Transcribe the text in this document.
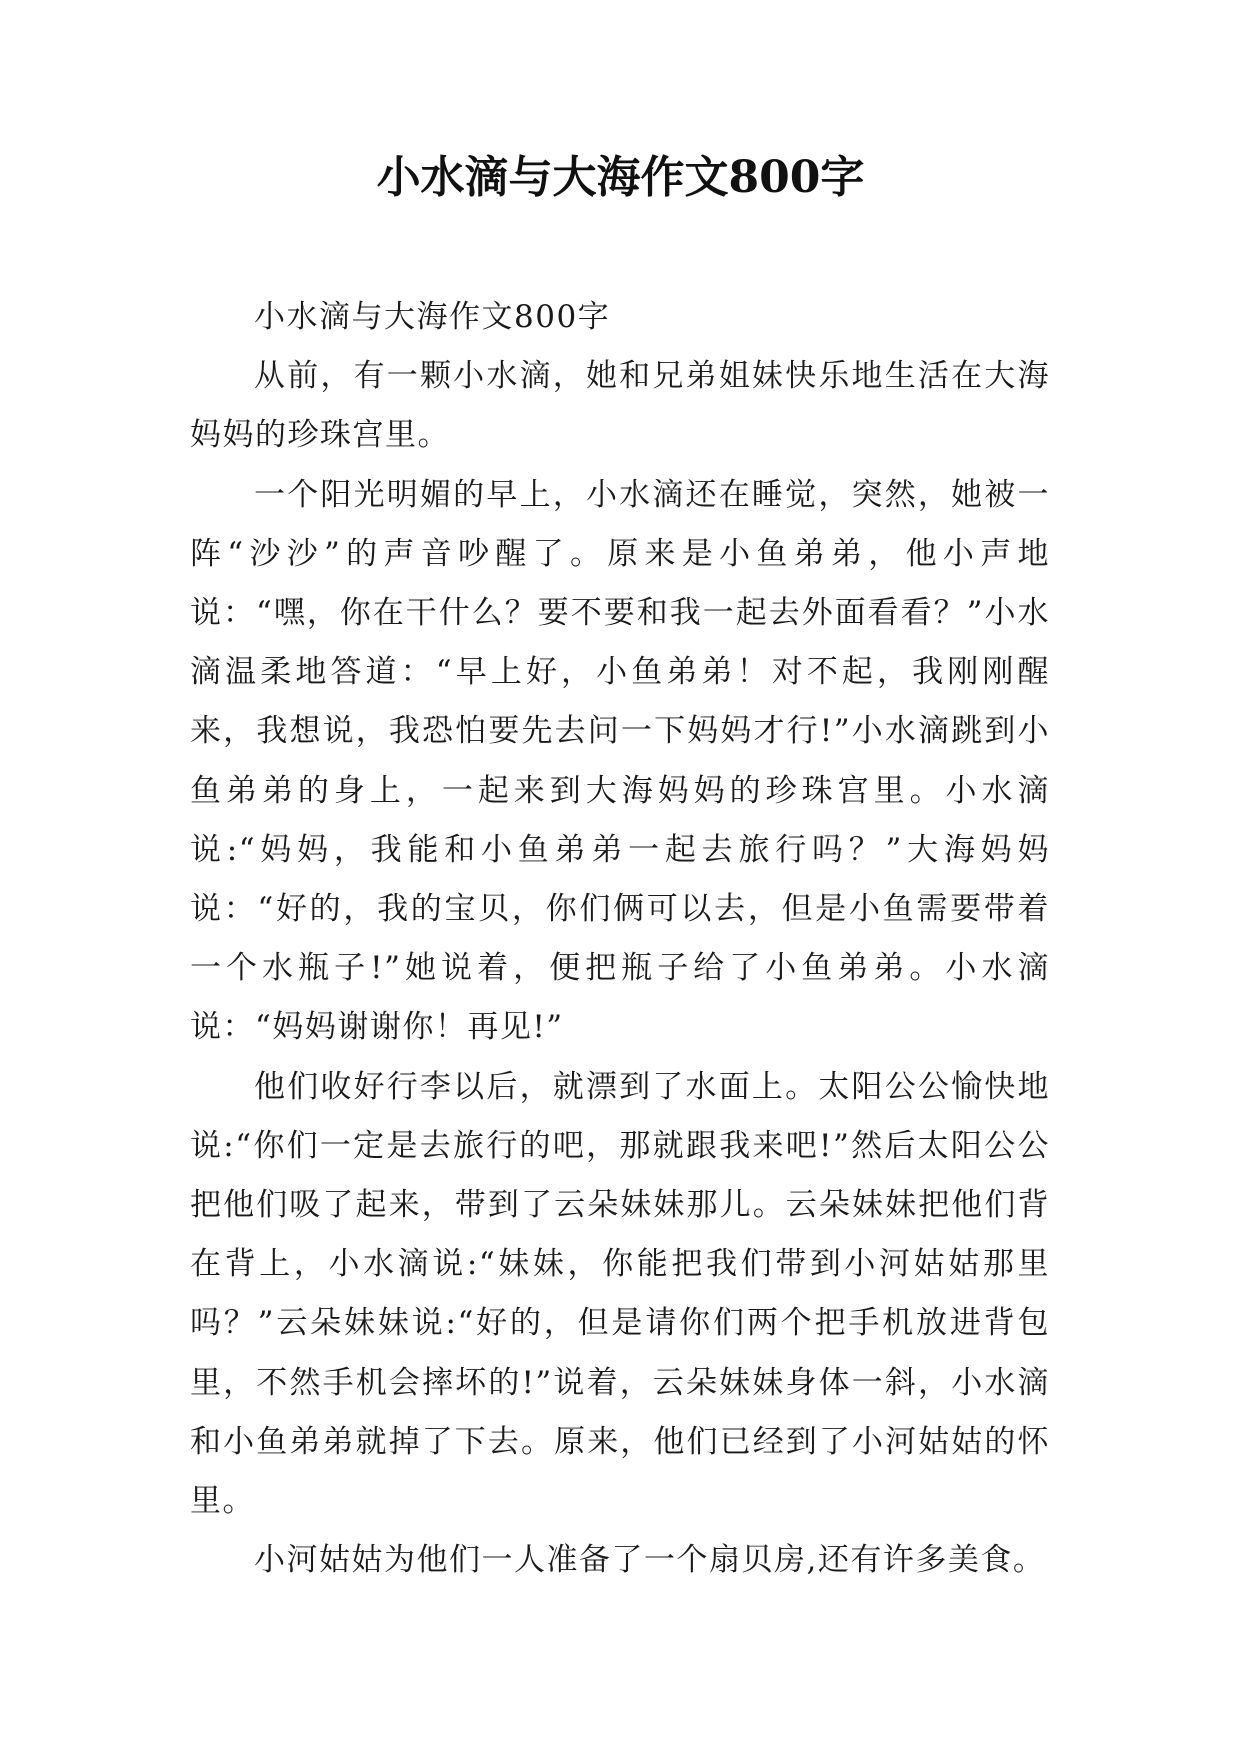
小水滴与大海作文800字

小水滴与大海作文800字

从前，有一颗小水滴，她和兄弟姐妹快乐地生活在大海妈妈的珍珠宫里。

一个阳光明媚的早上，小水滴还在睡觉，突然，她被一阵“沙沙”的声音吵醒了。原来是小鱼弟弟，他小声地说：“嘿，你在干什么？要不要和我一起去外面看看？”小水滴温柔地答道：“早上好，小鱼弟弟！对不起，我刚刚醒来，我想说，我恐怕要先去问一下妈妈才行!”小水滴跳到小鱼弟弟的身上，一起来到大海妈妈的珍珠宫里。小水滴说:“妈妈，我能和小鱼弟弟一起去旅行吗？”大海妈妈说：“好的，我的宝贝，你们俩可以去，但是小鱼需要带着一个水瓶子!”她说着，便把瓶子给了小鱼弟弟。小水滴说：“妈妈谢谢你！再见!”

他们收好行李以后，就漂到了水面上。太阳公公愉快地说:“你们一定是去旅行的吧，那就跟我来吧!”然后太阳公公把他们吸了起来，带到了云朵妹妹那儿。云朵妹妹把他们背在背上，小水滴说:“妹妹，你能把我们带到小河姑姑那里吗？”云朵妹妹说:“好的，但是请你们两个把手机放进背包里，不然手机会摔坏的!”说着，云朵妹妹身体一斜，小水滴和小鱼弟弟就掉了下去。原来，他们已经到了小河姑姑的怀里。

小河姑姑为他们一人准备了一个扇贝房,还有许多美食。
